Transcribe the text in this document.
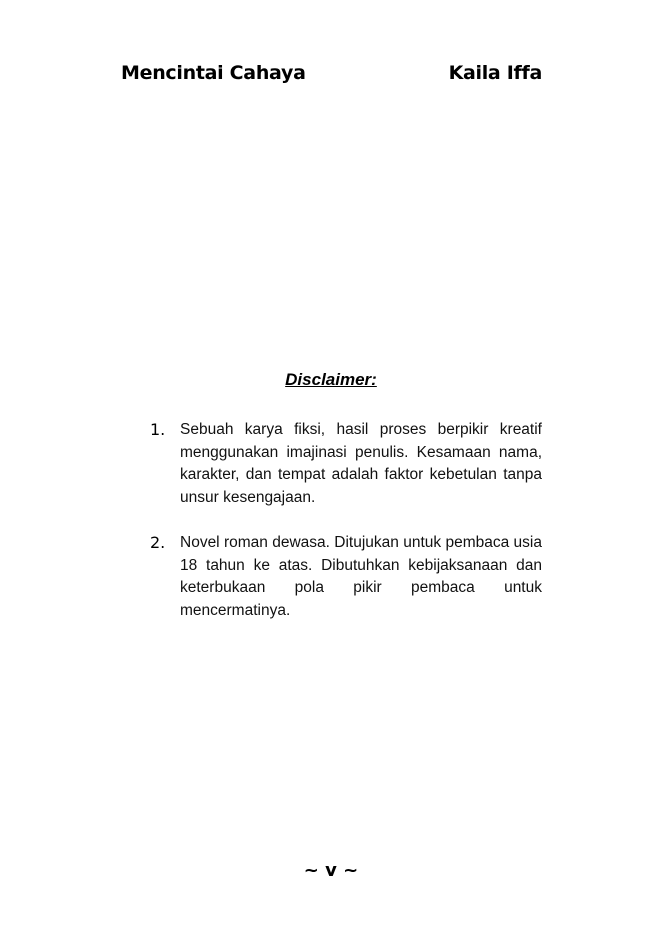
Mencintai Cahaya	Kaila Iffa
Disclaimer:
1. Sebuah karya fiksi, hasil proses berpikir kreatif menggunakan imajinasi penulis. Kesamaan nama, karakter, dan tempat adalah faktor kebetulan tanpa unsur kesengajaan.
2. Novel roman dewasa. Ditujukan untuk pembaca usia 18 tahun ke atas. Dibutuhkan kebijaksanaan dan keterbukaan pola pikir pembaca untuk mencermatinya.
~ v ~
